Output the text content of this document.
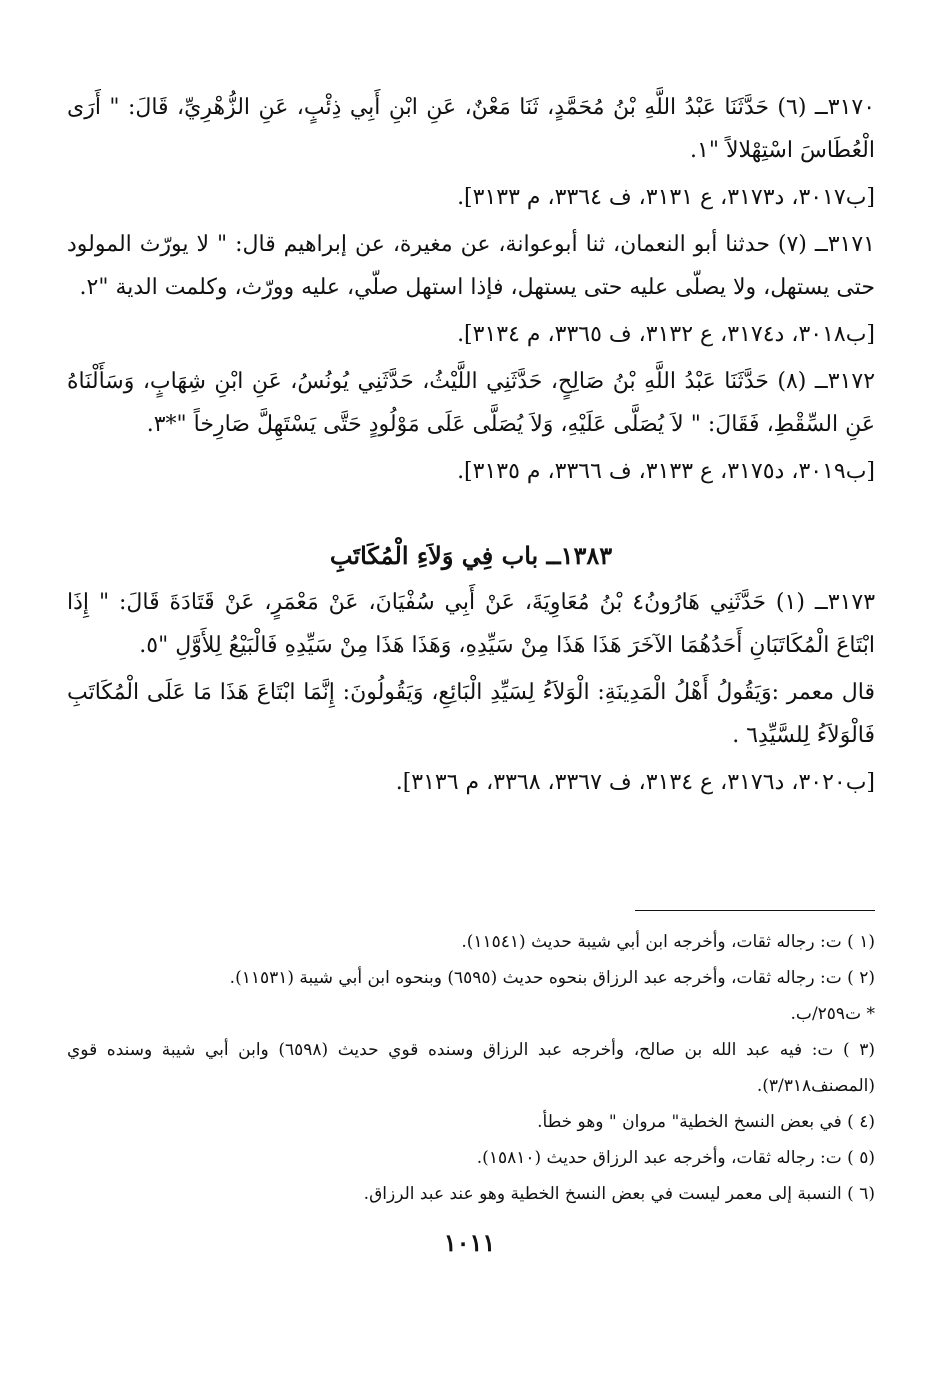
٣١٧٠ــ (٦) حَدَّثَنَا عَبْدُ اللَّهِ بْنُ مُحَمَّدٍ، ثَنَا مَعْنٌ، عَنِ ابْنِ أَبِي ذِئْبٍ، عَنِ الزُّهْرِيِّ، قَالَ: " أَرَى الْعُطَاسَ اسْتِهْلالاً "١.

[ب٣٠١٧، د٣١٧٣، ع ٣١٣١، ف ٣٣٦٤، م ٣١٣٣].

٣١٧١ــ (٧) حدثنا أبو النعمان، ثنا أبوعوانة، عن مغيرة، عن إبراهيم قال: " لا يورّث المولود حتى يستهل، ولا يصلّى عليه حتى يستهل، فإذا استهل صلّي، عليه وورّث، وكلمت الدية "٢.

[ب٣٠١٨، د٣١٧٤، ع ٣١٣٢، ف ٣٣٦٥، م ٣١٣٤].

٣١٧٢ــ (٨) حَدَّثَنَا عَبْدُ اللَّهِ بْنُ صَالِحٍ، حَدَّثَنِي اللَّيْثُ، حَدَّثَنِي يُونُسُ، عَنِ ابْنِ شِهَابٍ، وَسَأَلْنَاهُ عَنِ السِّقْطِ، فَقَالَ: " لاَ يُصَلَّى عَلَيْهِ، وَلاَ يُصَلَّى عَلَى مَوْلُودٍ حَتَّى يَسْتَهِلَّ صَارِخاً "*٣.

[ب٣٠١٩، د٣١٧٥، ع ٣١٣٣، ف ٣٣٦٦، م ٣١٣٥].

١٣٨٣ــ باب فِي وَلاَءِ الْمُكَاتَبِ

٣١٧٣ــ (١) حَدَّثَنِي هَارُونُ٤ بْنُ مُعَاوِيَةَ، عَنْ أَبِي سُفْيَانَ، عَنْ مَعْمَرٍ، عَنْ قَتَادَةَ قَالَ: " إِذَا ابْتَاعَ الْمُكَاتَبَانِ أَحَدُهُمَا الآخَرَ هَذَا هَذَا مِنْ سَيِّدِهِ، وَهَذَا هَذَا مِنْ سَيِّدِهِ فَالْبَيْعُ لِلأَوَّلِ "٥.

قال معمر :وَيَقُولُ أَهْلُ الْمَدِينَةِ: الْوَلاَءُ لِسَيِّدِ الْبَائِعِ، وَيَقُولُونَ: إِنَّمَا ابْتَاعَ هَذَا مَا عَلَى الْمُكَاتَبِ فَالْوَلاَءُ لِلسَّيِّدِ٦ .

[ب٣٠٢٠، د٣١٧٦، ع ٣١٣٤، ف ٣٣٦٧، ٣٣٦٨، م ٣١٣٦].

(١ ) ت: رجاله ثقات، وأخرجه ابن أبي شيبة حديث (١١٥٤١).

(٢ ) ت: رجاله ثقات، وأخرجه عبد الرزاق بنحوه حديث (٦٥٩٥) وبنحوه ابن أبي شيبة (١١٥٣١).

* ت٢٥٩/ب.

(٣ ) ت: فيه عبد الله بن صالح، وأخرجه عبد الرزاق وسنده قوي حديث (٦٥٩٨) وابن أبي شيبة وسنده قوي (المصنف٣/٣١٨).

(٤ ) في بعض النسخ الخطية" مروان " وهو خطأ.

(٥ ) ت: رجاله ثقات، وأخرجه عبد الرزاق حديث (١٥٨١٠).

(٦ ) النسبة إلى معمر ليست في بعض النسخ الخطية وهو عند عبد الرزاق.

١٠١١
